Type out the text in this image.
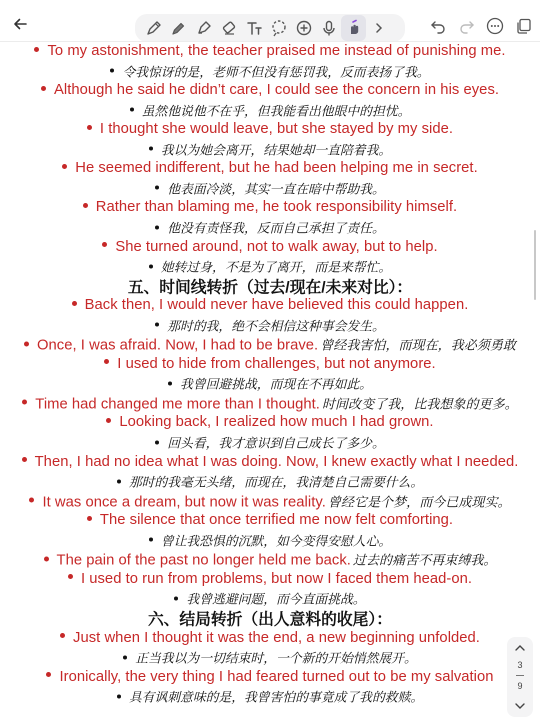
To my astonishment, the teacher praised me instead of punishing me.
令我惊讶的是，老师不但没有惩罚我，反而表扬了我。
Although he said he didn’t care, I could see the concern in his eyes.
虽然他说他不在乎，但我能看出他眼中的担忧。
I thought she would leave, but she stayed by my side.
我以为她会离开，结果她却一直陪着我。
He seemed indifferent, but he had been helping me in secret.
他表面冷淡，其实一直在暗中帮助我。
Rather than blaming me, he took responsibility himself.
他没有责怪我，反而自己承担了责任。
She turned around, not to walk away, but to help.
她转过身，不是为了离开，而是来帮忙。
五、时间线转折（过去/现在/未来对比）：
Back then, I would never have believed this could happen.
那时的我，绝不会相信这种事会发生。
Once, I was afraid. Now, I had to be brave. 曾经我害怕，而现在，我必须勇敢
I used to hide from challenges, but not anymore.
我曾回避挑战，而现在不再如此。
Time had changed me more than I thought. 时间改变了我，比我想象的更多。
Looking back, I realized how much I had grown.
回头看，我才意识到自己成长了多少。
Then, I had no idea what I was doing. Now, I knew exactly what I needed.
那时的我毫无头绪，而现在，我清楚自己需要什么。
It was once a dream, but now it was reality. 曾经它是个梦，而今已成现实。
The silence that once terrified me now felt comforting.
曾让我恐惧的沉默，如今变得安慰人心。
The pain of the past no longer held me back. 过去的痛苦不再束缚我。
I used to run from problems, but now I faced them head-on.
我曾逃避问题，而今直面挑战。
六、结局转折（出人意料的收尾）：
Just when I thought it was the end, a new beginning unfolded.
正当我以为一切结束时，一个新的开始悄然展开。
Ironically, the very thing I had feared turned out to be my salvation
具有讽刺意味的是，我曾害怕的事竟成了我的救赎。
3
9
